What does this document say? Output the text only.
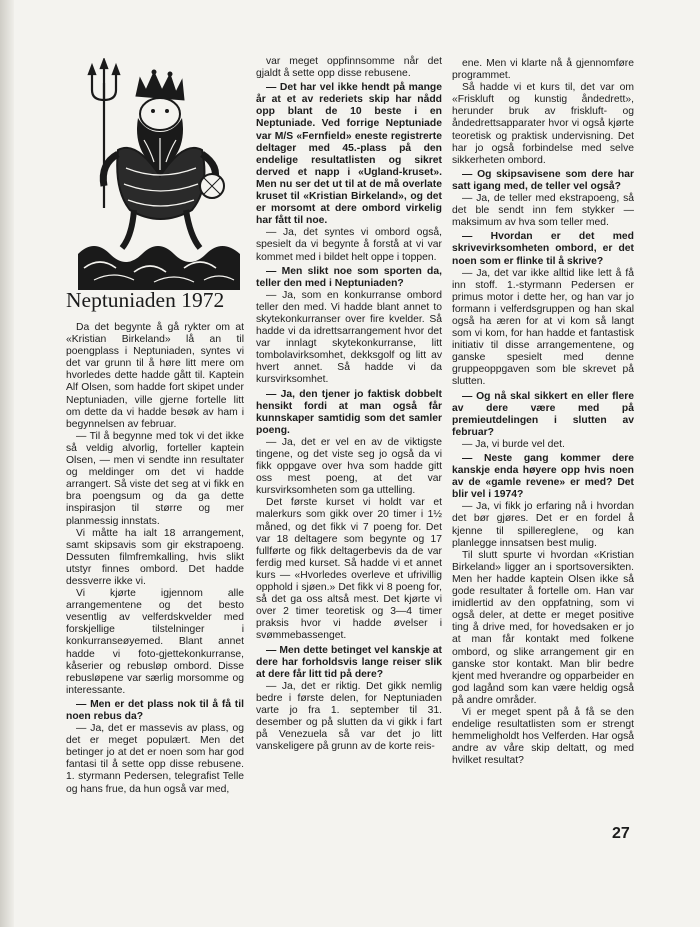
Neptuniaden 1972

Da det begynte å gå rykter om at «Kristian Birkeland» lå an til poengplass i Neptuniaden, syntes vi det var grunn til å høre litt mere om hvorledes dette hadde gått til. Kaptein Alf Olsen, som hadde fort skipet under Neptuniaden, ville gjerne fortelle litt om dette da vi hadde besøk av ham i begynnelsen av februar.

— Til å begynne med tok vi det ikke så veldig alvorlig, forteller kaptein Olsen, — men vi sendte inn resultater og meldinger om det vi hadde arrangert. Så viste det seg at vi fikk en bra poengsum og da ga dette inspirasjon til større og mer planmessig innstats.

Vi måtte ha ialt 18 arrangement, samt skipsavis som gir ekstrapoeng. Dessuten filmfremkalling, hvis slikt utstyr finnes ombord. Det hadde dessverre ikke vi.

Vi kjørte igjennom alle arrangementene og det besto vesentlig av velferdskvelder med forskjellige tilstelninger i konkurranseøyemed. Blant annet hadde vi foto-gjettekonkurranse, kåserier og rebusløp ombord. Disse rebusløpene var særlig morsomme og interessante.

— Men er det plass nok til å få til noen rebus da?

— Ja, det er massevis av plass, og det er meget populært. Men det betinger jo at det er noen som har god fantasi til å sette opp disse rebusene. 1. styrmann Pedersen, telegrafist Telle og hans frue, da hun også var med,

var meget oppfinnsomme når det gjaldt å sette opp disse rebusene.

— Det har vel ikke hendt på mange år at et av rederiets skip har nådd opp blant de 10 beste i en Neptuniade. Ved forrige Neptuniade var M/S «Fernfield» eneste registrerte deltager med 45.-plass på den endelige resultatlisten og sikret derved et napp i «Ugland-kruset». Men nu ser det ut til at de må overlate kruset til «Kristian Birkeland», og det er morsomt at dere ombord virkelig har fått til noe.

— Ja, det syntes vi ombord også, spesielt da vi begynte å forstå at vi var kommet med i bildet helt oppe i toppen.

— Men slikt noe som sporten da, teller den med i Neptuniaden?

— Ja, som en konkurranse ombord teller den med. Vi hadde blant annet to skytekonkurranser over fire kvelder. Så hadde vi da idrettsarrangement hvor det var innlagt skytekonkurranse, litt tombolavirksomhet, dekksgolf og litt av hvert annet. Så hadde vi da kursvirksomhet.

— Ja, den tjener jo faktisk dobbelt hensikt fordi at man også får kunnskaper samtidig som det samler poeng.

— Ja, det er vel en av de viktigste tingene, og det viste seg jo også da vi fikk oppgave over hva som hadde gitt oss mest poeng, at det var kursvirksomheten som ga uttelling.

Det første kurset vi holdt var et malerkurs som gikk over 20 timer i 1½ måned, og det fikk vi 7 poeng for. Det var 18 deltagere som begynte og 17 fullførte og fikk deltagerbevis da de var ferdig med kurset. Så hadde vi et annet kurs — «Hvorledes overleve et ufrivillig opphold i sjøen.» Det fikk vi 8 poeng for, så det ga oss altså mest. Det kjørte vi over 2 timer teoretisk og 3—4 timer praksis hvor vi hadde øvelser i svømmebassenget.

— Men dette betinget vel kanskje at dere har forholdsvis lange reiser slik at dere får litt tid på dere?

— Ja, det er riktig. Det gikk nemlig bedre i første delen, for Neptuniaden varte jo fra 1. september til 31. desember og på slutten da vi gikk i fart på Venezuela så var det jo litt vanskeligere på grunn av de korte reis-

ene. Men vi klarte nå å gjennomføre programmet.

Så hadde vi et kurs til, det var om «Friskluft og kunstig åndedrett», herunder bruk av friskluft- og åndedrettsapparater hvor vi også kjørte teoretisk og praktisk undervisning. Det har jo også forbindelse med selve sikkerheten ombord.

— Og skipsavisene som dere har satt igang med, de teller vel også?

— Ja, de teller med ekstrapoeng, så det ble sendt inn fem stykker — maksimum av hva som teller med.

— Hvordan er det med skrivevirksomheten ombord, er det noen som er flinke til å skrive?

— Ja, det var ikke alltid like lett å få inn stoff. 1.-styrmann Pedersen er primus motor i dette her, og han var jo formann i velferdsgruppen og han skal også ha æren for at vi kom så langt som vi kom, for han hadde et fantastisk initiativ til disse arrangementene, og ganske spesielt med denne gruppeoppgaven som ble skrevet på slutten.

— Og nå skal sikkert en eller flere av dere være med på premieutdelingen i slutten av februar?

— Ja, vi burde vel det.

— Neste gang kommer dere kanskje enda høyere opp hvis noen av de «gamle revene» er med? Det blir vel i 1974?

— Ja, vi fikk jo erfaring nå i hvordan det bør gjøres. Det er en fordel å kjenne til spillereglene, og kan planlegge innsatsen best mulig.

Til slutt spurte vi hvordan «Kristian Birkeland» ligger an i sportsoversikten. Men her hadde kaptein Olsen ikke så gode resultater å fortelle om. Han var imidlertid av den oppfatning, som vi også deler, at dette er meget positive ting å drive med, for hovedsaken er jo at man får kontakt med folkene ombord, og slike arrangement gir en ganske stor kontakt. Man blir bedre kjent med hverandre og opparbeider en god lagånd som kan være heldig også på andre områder.

Vi er meget spent på å få se den endelige resultatlisten som er strengt hemmeligholdt hos Velferden. Har også andre av våre skip deltatt, og med hvilket resultat?

27
